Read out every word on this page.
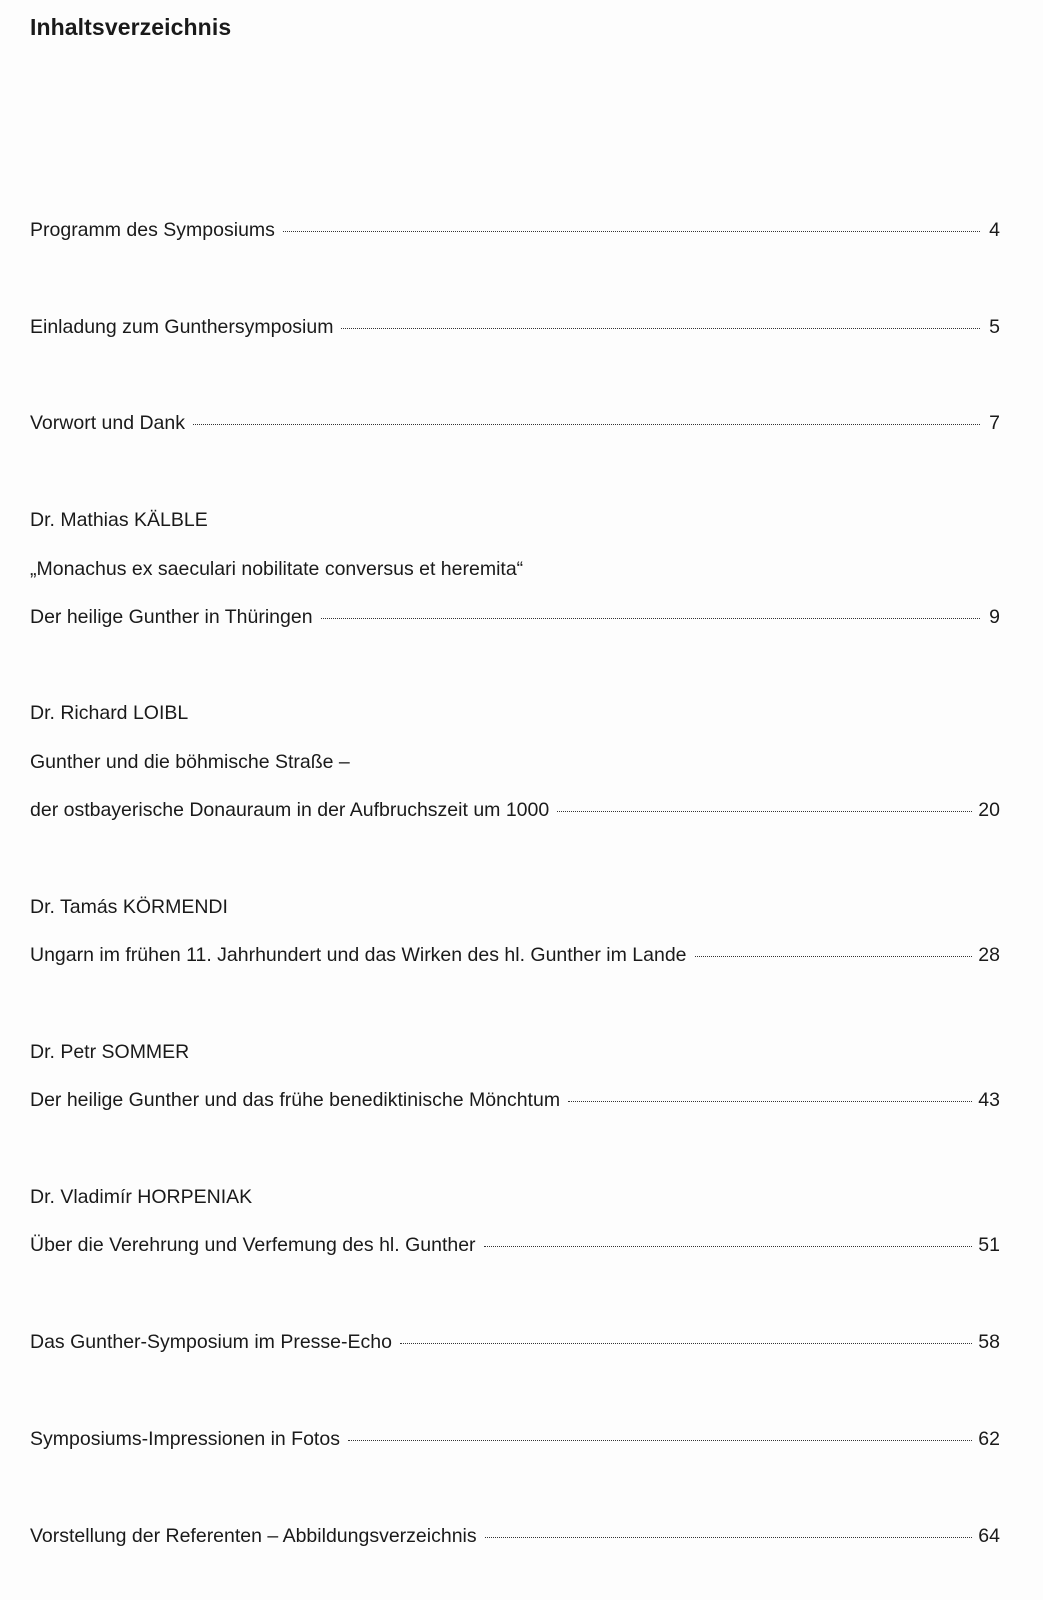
Inhaltsverzeichnis
Programm des Symposiums	4
Einladung zum Gunthersymposium	5
Vorwort und Dank	7
Dr. Mathias KÄLBLE
„Monachus ex saeculari nobilitate conversus et heremita“
Der heilige Gunther in Thüringen	9
Dr. Richard LOIBL
Gunther und die böhmische Straße –
der ostbayerische Donauraum in der Aufbruchszeit um 1000	20
Dr. Tamás KÖRMENDI
Ungarn im frühen 11. Jahrhundert und das Wirken des hl. Gunther im Lande	28
Dr. Petr SOMMER
Der heilige Gunther und das frühe benediktinische Mönchtum	43
Dr. Vladimír HORPENIAK
Über die Verehrung und Verfemung des hl. Gunther	51
Das Gunther-Symposium im Presse-Echo	58
Symposiums-Impressionen in Fotos	62
Vorstellung der Referenten – Abbildungsverzeichnis	64
